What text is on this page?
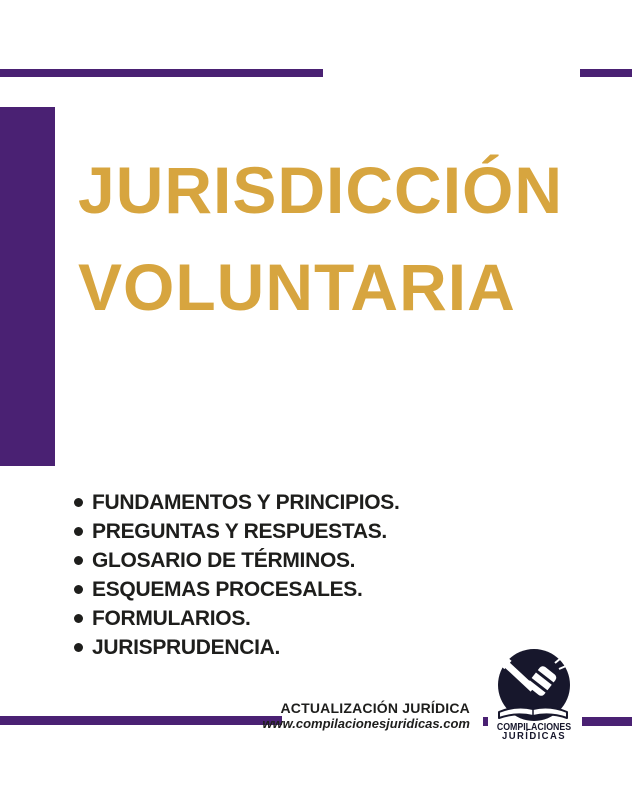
JURISDICCIÓN
VOLUNTARIA
FUNDAMENTOS Y PRINCIPIOS.
PREGUNTAS Y RESPUESTAS.
GLOSARIO DE TÉRMINOS.
ESQUEMAS PROCESALES.
FORMULARIOS.
JURISPRUDENCIA.
ACTUALIZACIÓN JURÍDICA
www.compilacionesjuridicas.com	COMPILACIONES
JURÍDICAS
